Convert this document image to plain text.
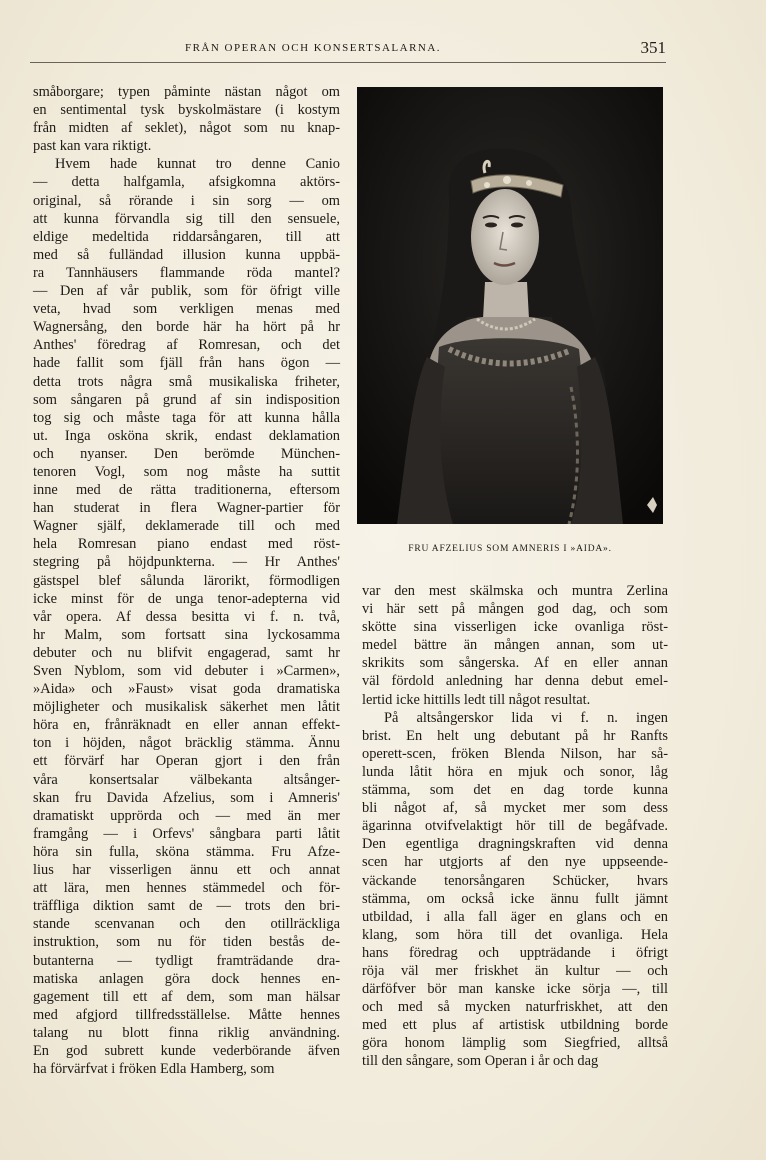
FRÅN OPERAN OCH KONSERTSALARNA.	351
småborgare; typen påminte nästan något om
en sentimental tysk byskolmästare (i kostym
från midten af seklet), något som nu knap-
past kan vara riktigt.
Hvem hade kunnat tro denne Canio
— detta halfgamla, afsigkomna aktörs-
original, så rörande i sin sorg — om
att kunna förvandla sig till den sensuele,
eldige medeltida riddarsångaren, till att
med så fulländad illusion kunna uppbä-
ra Tannhäusers flammande röda mantel?
— Den af vår publik, som för öfrigt ville
veta, hvad som verkligen menas med
Wagnersång, den borde här ha hört på hr
Anthes' föredrag af Romresan, och det
hade fallit som fjäll från hans ögon —
detta trots några små musikaliska friheter,
som sångaren på grund af sin indisposition
tog sig och måste taga för att kunna hålla
ut. Inga osköna skrik, endast deklamation
och nyanser. Den berömde München-
tenoren Vogl, som nog måste ha suttit
inne med de rätta traditionerna, eftersom
han studerat in flera Wagner-partier för
Wagner själf, deklamerade till och med
hela Romresan piano endast med röst-
stegring på höjdpunkterna. — Hr Anthes'
gästspel blef sålunda lärorikt, förmodligen
icke minst för de unga tenor-adepterna vid
vår opera. Af dessa besitta vi f. n. två,
hr Malm, som fortsatt sina lyckosamma
debuter och nu blifvit engagerad, samt hr
Sven Nyblom, som vid debuter i »Carmen»,
»Aida» och »Faust» visat goda dramatiska
möjligheter och musikalisk säkerhet men låtit
höra en, frånräknadt en eller annan effekt-
ton i höjden, något bräcklig stämma. Ännu
ett förvärf har Operan gjort i den från
våra konsertsalar välbekanta altsånger-
skan fru Davida Afzelius, som i Amneris'
dramatiskt upprörda och — med än mer
framgång — i Orfevs' sångbara parti låtit
höra sin fulla, sköna stämma. Fru Afze-
lius har visserligen ännu ett och annat
att lära, men hennes stämmedel och för-
träffliga diktion samt de — trots den bri-
stande scenvanan och den otillräckliga
instruktion, som nu för tiden bestås de-
butanterna — tydligt framträdande dra-
matiska anlagen göra dock hennes en-
gagement till ett af dem, som man hälsar
med afgjord tillfredsställelse. Måtte hennes
talang nu blott finna riklig användning.
En god subrett kunde vederbörande äfven
ha förvärfvat i fröken Edla Hamberg, som
FRU AFZELIUS SOM AMNERIS I »AIDA».
var den mest skälmska och muntra Zerlina
vi här sett på mången god dag, och som
skötte sina visserligen icke ovanliga röst-
medel bättre än mången annan, som ut-
skrikits som sångerska. Af en eller annan
väl fördold anledning har denna debut emel-
lertid icke hittills ledt till något resultat.
På altsångerskor lida vi f. n. ingen
brist. En helt ung debutant på hr Ranfts
operett-scen, fröken Blenda Nilson, har så-
lunda låtit höra en mjuk och sonor, låg
stämma, som det en dag torde kunna
bli något af, så mycket mer som dess
ägarinna otvifvelaktigt hör till de begåfvade.
Den egentliga dragningskraften vid denna
scen har utgjorts af den nye uppseende-
väckande tenorsångaren Schücker, hvars
stämma, om också icke ännu fullt jämnt
utbildad, i alla fall äger en glans och en
klang, som höra till det ovanliga. Hela
hans föredrag och uppträdande i öfrigt
röja väl mer friskhet än kultur — och
därföfver bör man kanske icke sörja —, till
och med så mycken naturfriskhet, att den
med ett plus af artistisk utbildning borde
göra honom lämplig som Siegfried, alltså
till den sångare, som Operan i år och dag
